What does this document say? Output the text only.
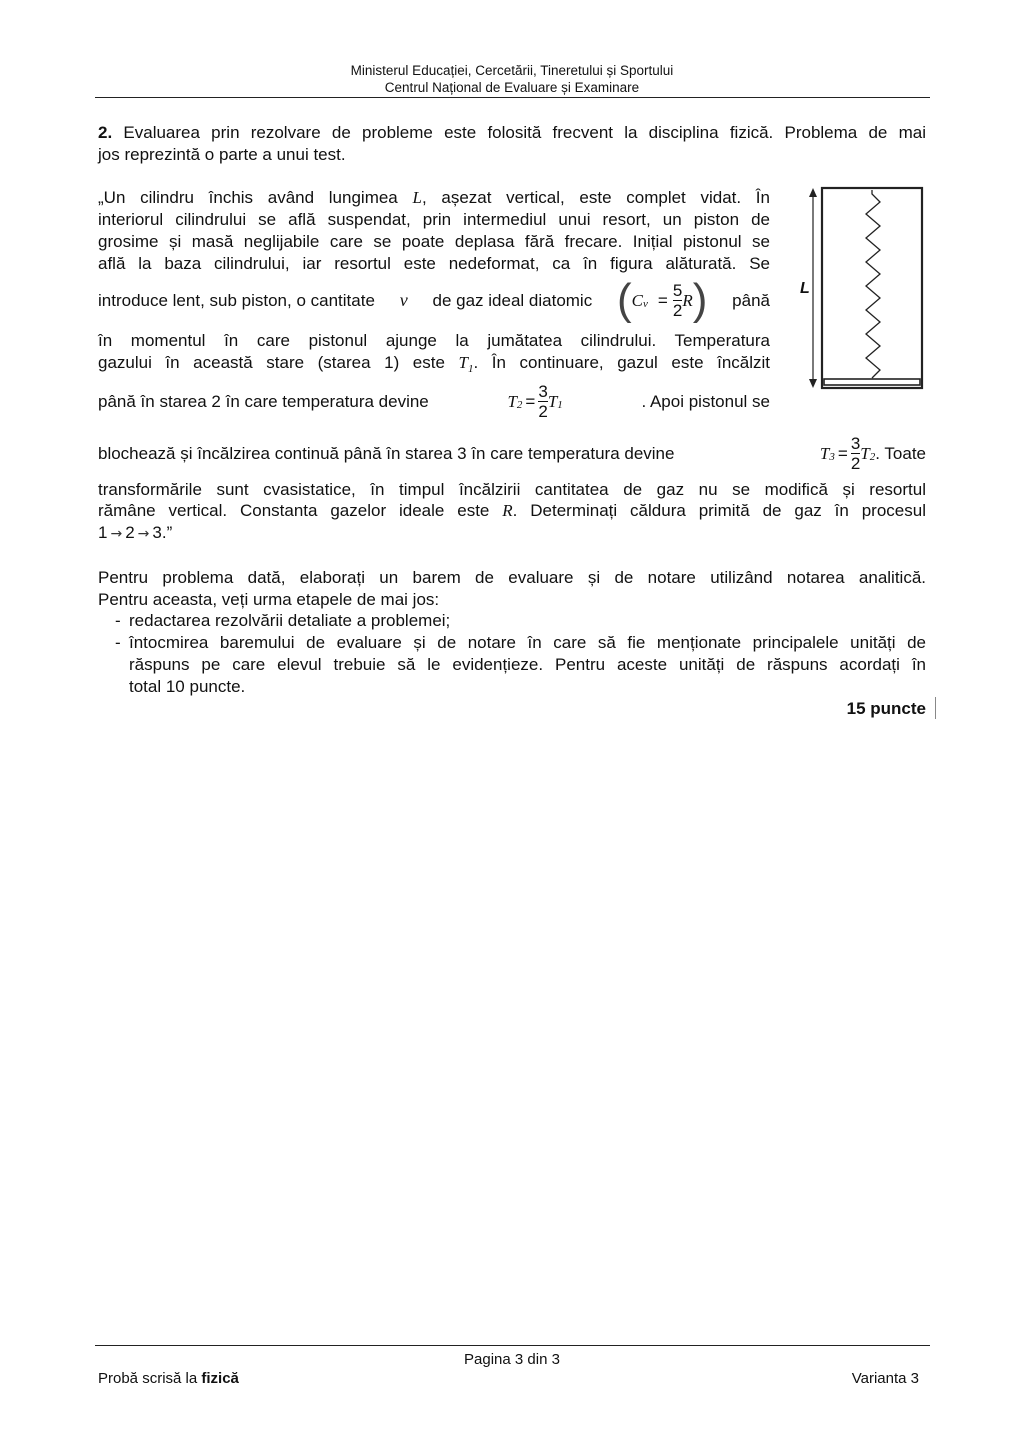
Ministerul Educației, Cercetării, Tineretului și Sportului
Centrul Național de Evaluare și Examinare
2. Evaluarea prin rezolvare de probleme este folosită frecvent la disciplina fizică. Problema de mai
jos reprezintă o parte a unui test.
„Un cilindru închis având lungimea L, așezat vertical, este complet vidat. În
interiorul cilindrului se află suspendat, prin intermediul unui resort, un piston de
grosime și masă neglijabile care se poate deplasa fără frecare. Inițial pistonul se
află la baza cilindrului, iar resortul este nedeformat, ca în figura alăturată. Se
introduce lent, sub piston, o cantitate ν de gaz ideal diatomic ( C $v = \frac{5}{2}$ R ) până
în momentul în care pistonul ajunge la jumătatea cilindrului. Temperatura
gazului în această stare (starea 1) este $T_1$. În continuare, gazul este încălzit
până în starea 2 în care temperatura devine	T $2 = \frac{3}{2}$ T 1	. Apoi pistonul se
L
blochează și încălzirea continuă până în starea 3 în care temperatura devine	T $3 = \frac{3}{2}$ T 2 . Toate
transformările sunt cvasistatice, în timpul încălzirii cantitatea de gaz nu se modifică și resortul
rămâne vertical. Constanta gazelor ideale este R. Determinați căldura primită de gaz în procesul
1 → 2 → 3.”
Pentru problema dată, elaborați un barem de evaluare și de notare utilizând notarea analitică.
Pentru aceasta, veți urma etapele de mai jos:
- redactarea rezolvării detaliate a problemei;
- întocmirea baremului de evaluare și de notare în care să fie menționate principalele unități de
răspuns pe care elevul trebuie să le evidențieze. Pentru aceste unități de răspuns acordați în
total 10 puncte.
15 puncte
Pagina 3 din 3
Probă scrisă la fizică	Varianta 3
